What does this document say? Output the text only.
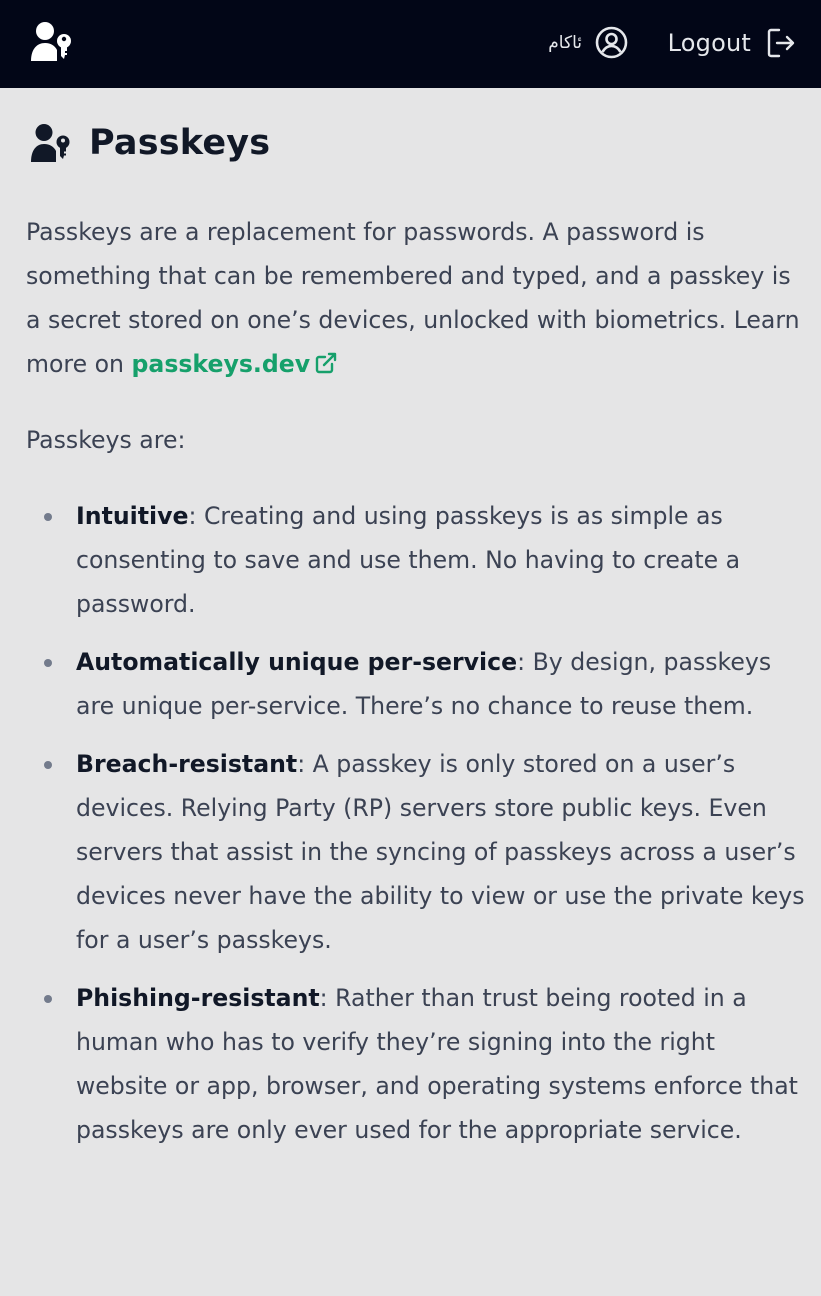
ئاكام	Logout
Passkeys

Passkeys are a replacement for passwords. A password is something that can be remembered and typed, and a passkey is a secret stored on one’s devices, unlocked with biometrics. Learn more on passkeys.dev

Passkeys are:

Intuitive: Creating and using passkeys is as simple as consenting to save and use them. No having to create a password.
Automatically unique per-service: By design, passkeys are unique per-service. There’s no chance to reuse them.
Breach-resistant: A passkey is only stored on a user’s devices. Relying Party (RP) servers store public keys. Even servers that assist in the syncing of passkeys across a user’s devices never have the ability to view or use the private keys for a user’s passkeys.
Phishing-resistant: Rather than trust being rooted in a human who has to verify they’re signing into the right website or app, browser, and operating systems enforce that passkeys are only ever used for the appropriate service.
